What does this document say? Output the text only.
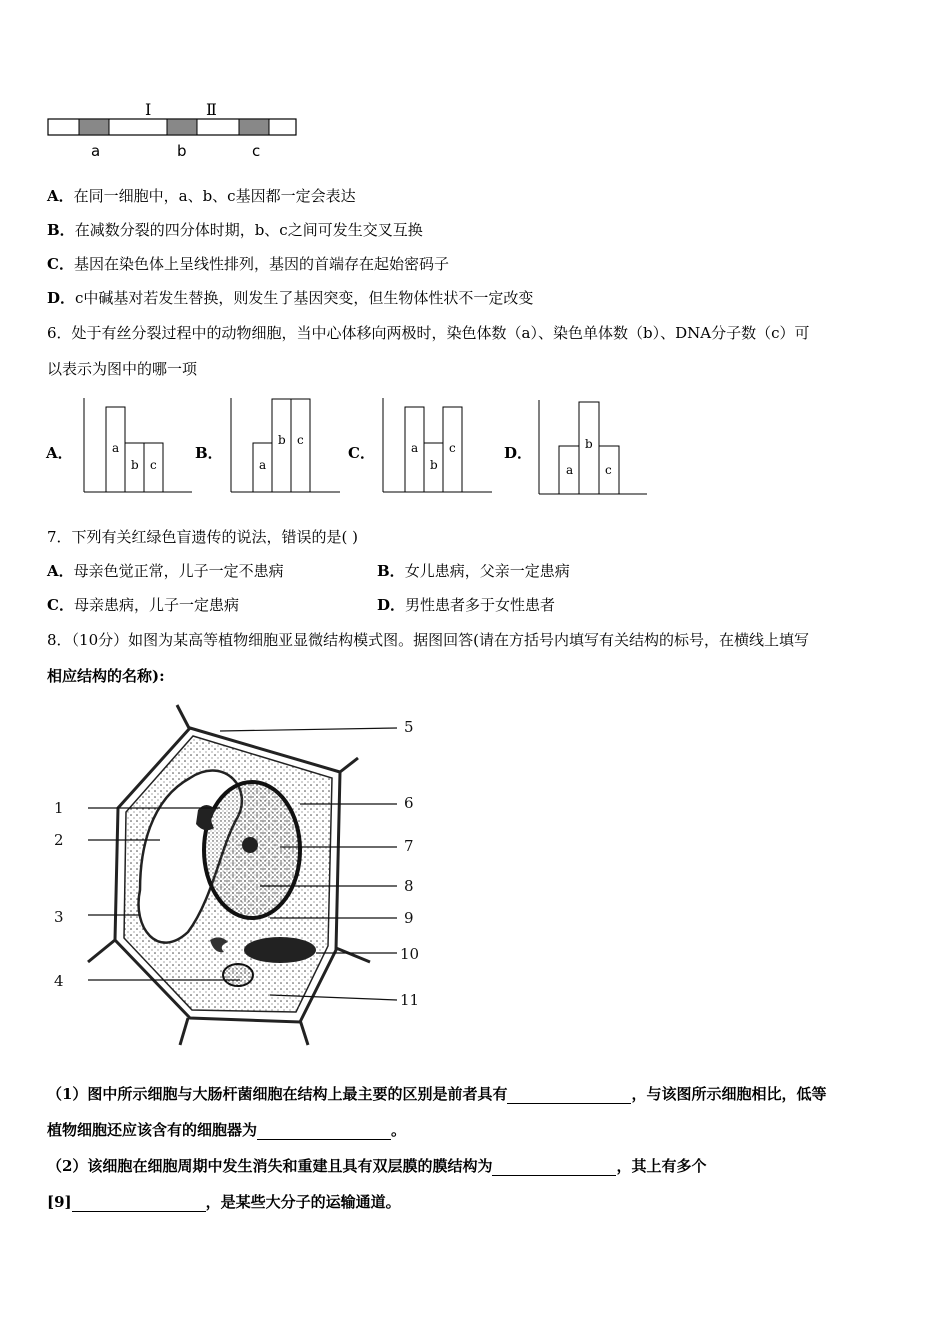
Ⅰ	Ⅱ
a	b	c
A．在同一细胞中，a、b、c基因都一定会表达
B．在减数分裂的四分体时期，b、c之间可发生交叉互换
C．基因在染色体上呈线性排列，基因的首端存在起始密码子
D．c中碱基对若发生替换，则发生了基因突变，但生物体性状不一定改变
6．处于有丝分裂过程中的动物细胞，当中心体移向两极时，染色体数（a）、染色单体数（b）、DNA分子数（c）可
以表示为图中的哪一项
A．	B．	C．	D．
a
b c	a
b c
a
b
c
a
b
c
7．下列有关红绿色盲遗传的说法，错误的是( )
A．母亲色觉正常，儿子一定不患病	B．女儿患病，父亲一定患病
C．母亲患病，儿子一定患病	D．男性患者多于女性患者
8．（10分）如图为某高等植物细胞亚显微结构模式图。据图回答(请在方括号内填写有关结构的标号，在横线上填写
相应结构的名称):
5
1	6
2	7
8
3	9
10
4
11
（1）图中所示细胞与大肠杆菌细胞在结构上最主要的区别是前者具有	，与该图所示细胞相比，低等
植物细胞还应该含有的细胞器为	。
（2）该细胞在细胞周期中发生消失和重建且具有双层膜的膜结构为	，其上有多个
[9]	，是某些大分子的运输通道。
